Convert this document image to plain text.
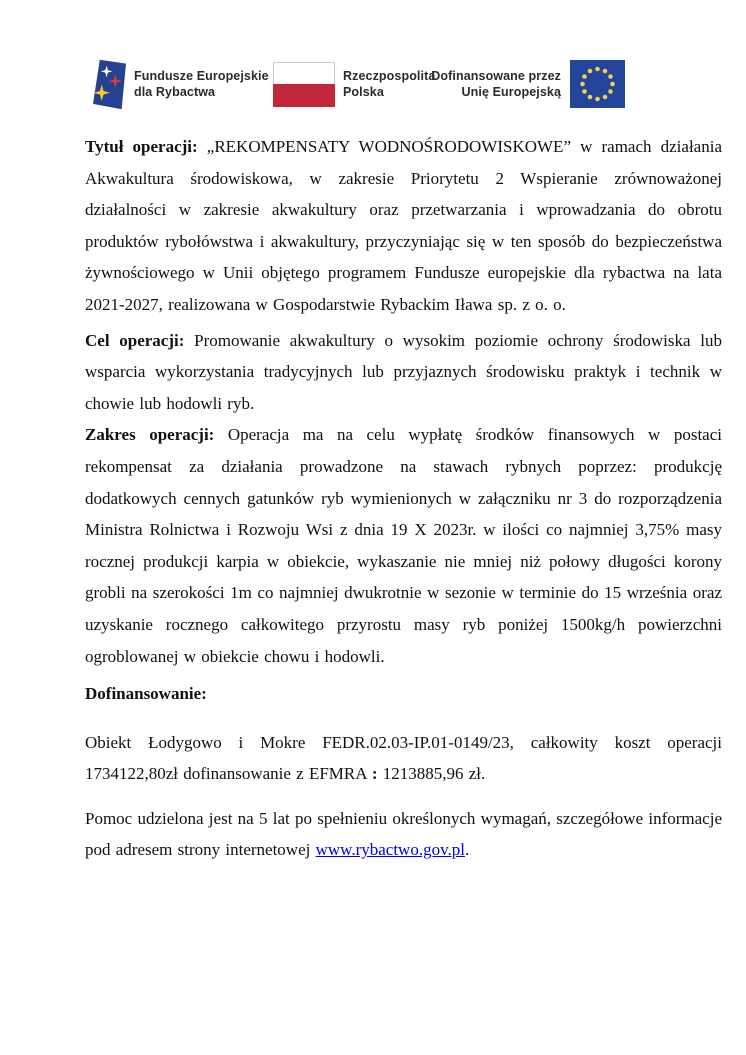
Fundusze Europejskie
dla Rybactwa
Rzeczpospolita
Polska
Dofinansowane przez
Unię Europejską

Tytuł operacji: „REKOMPENSATY WODNOŚRODOWISKOWE” w ramach działania Akwakultura środowiskowa, w zakresie Priorytetu 2 Wspieranie zrównoważonej działalności w zakresie akwakultury oraz przetwarzania i wprowadzania do obrotu produktów rybołówstwa i akwakultury, przyczyniając się w ten sposób do bezpieczeństwa żywnościowego w Unii objętego programem Fundusze europejskie dla rybactwa na lata 2021-2027, realizowana w Gospodarstwie Rybackim Iława sp. z o. o.

Cel operacji: Promowanie akwakultury o wysokim poziomie ochrony środowiska lub wsparcia wykorzystania tradycyjnych lub przyjaznych środowisku praktyk i technik w chowie lub hodowli ryb.

Zakres operacji: Operacja ma na celu wypłatę środków finansowych w postaci rekompensat za działania prowadzone na stawach rybnych poprzez: produkcję dodatkowych cennych gatunków ryb wymienionych w załączniku nr 3 do rozporządzenia Ministra Rolnictwa i Rozwoju Wsi z dnia 19 X 2023r. w ilości co najmniej 3,75% masy rocznej produkcji karpia w obiekcie, wykaszanie nie mniej niż połowy długości korony grobli na szerokości 1m co najmniej dwukrotnie w sezonie w terminie do 15 września oraz uzyskanie rocznego całkowitego przyrostu masy ryb poniżej 1500kg/h powierzchni ogroblowanej w obiekcie chowu i hodowli.

Dofinansowanie:

Obiekt Łodygowo i Mokre FEDR.02.03-IP.01-0149/23, całkowity koszt operacji 1734122,80zł dofinansowanie z EFMRA : 1213885,96 zł.

Pomoc udzielona jest na 5 lat po spełnieniu określonych wymagań, szczegółowe informacje pod adresem strony internetowej www.rybactwo.gov.pl.
